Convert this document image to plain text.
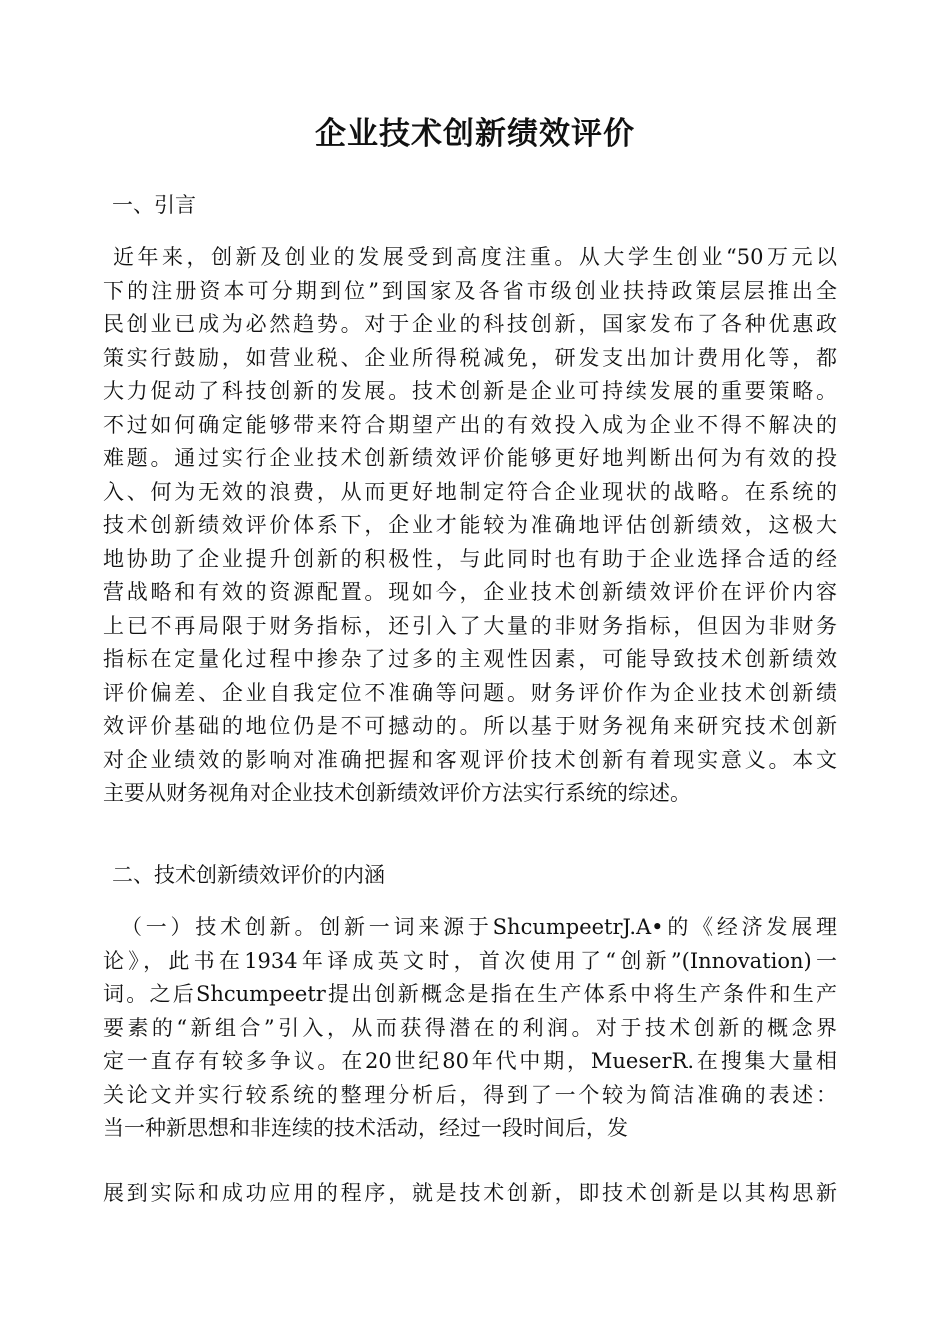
企业技术创新绩效评价

一、引言

近年来，创新及创业的发展受到高度注重。从大学生创业“50万元以
下的注册资本可分期到位”到国家及各省市级创业扶持政策层层推出全
民创业已成为必然趋势。对于企业的科技创新，国家发布了各种优惠政
策实行鼓励，如营业税、企业所得税减免，研发支出加计费用化等，都
大力促动了科技创新的发展。技术创新是企业可持续发展的重要策略。
不过如何确定能够带来符合期望产出的有效投入成为企业不得不解决的
难题。通过实行企业技术创新绩效评价能够更好地判断出何为有效的投
入、何为无效的浪费，从而更好地制定符合企业现状的战略。在系统的
技术创新绩效评价体系下，企业才能较为准确地评估创新绩效，这极大
地协助了企业提升创新的积极性，与此同时也有助于企业选择合适的经
营战略和有效的资源配置。现如今，企业技术创新绩效评价在评价内容
上已不再局限于财务指标，还引入了大量的非财务指标，但因为非财务
指标在定量化过程中掺杂了过多的主观性因素，可能导致技术创新绩效
评价偏差、企业自我定位不准确等问题。财务评价作为企业技术创新绩
效评价基础的地位仍是不可撼动的。所以基于财务视角来研究技术创新
对企业绩效的影响对准确把握和客观评价技术创新有着现实意义。本文
主要从财务视角对企业技术创新绩效评价方法实行系统的综述。

二、技术创新绩效评价的内涵

（一）技术创新。创新一词来源于ShcumpeetrJ.A•的《经济发展理
论》，此书在1934年译成英文时，首次使用了“创新”(Innovation)一
词。之后Shcumpeetr提出创新概念是指在生产体系中将生产条件和生产
要素的“新组合”引入，从而获得潜在的利润。对于技术创新的概念界
定一直存有较多争议。在20世纪80年代中期，MueserR.在搜集大量相
关论文并实行较系统的整理分析后，得到了一个较为简洁准确的表述：
当一种新思想和非连续的技术活动，经过一段时间后，发
展到实际和成功应用的程序，就是技术创新，即技术创新是以其构思新
